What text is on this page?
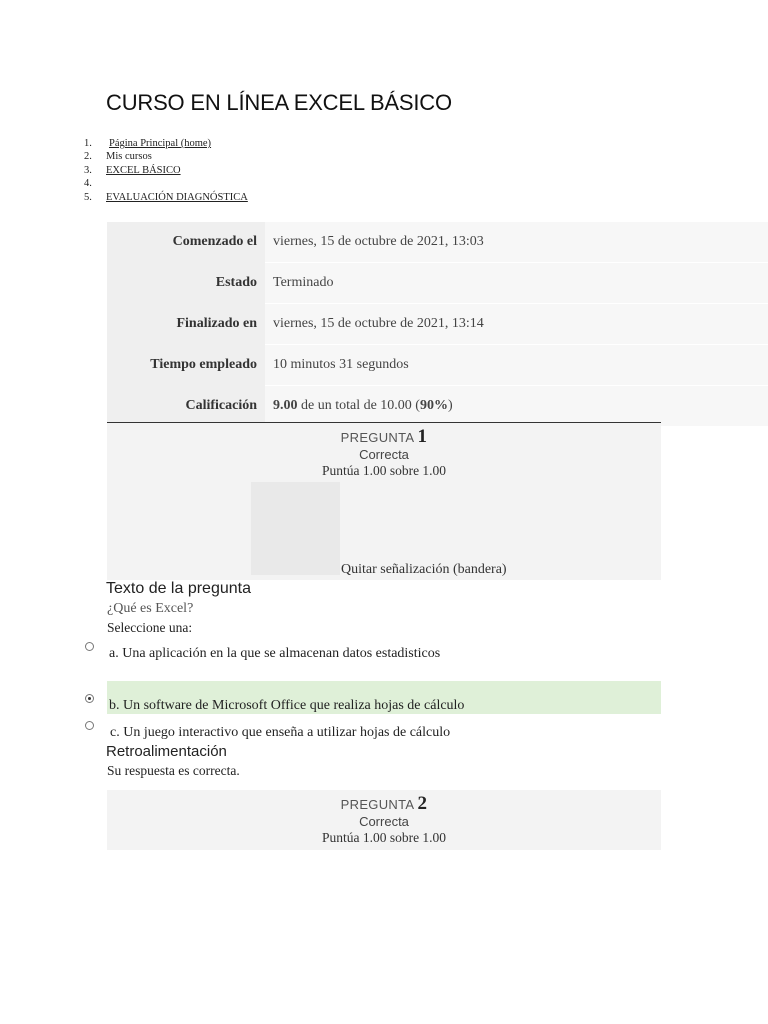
CURSO EN LÍNEA EXCEL BÁSICO
1. Página Principal (home)
2. Mis cursos
3. EXCEL BÁSICO
4.
5. EVALUACIÓN DIAGNÓSTICA
Comenzado el	viernes, 15 de octubre de 2021, 13:03
Estado	Terminado
Finalizado en	viernes, 15 de octubre de 2021, 13:14
Tiempo empleado	10 minutos 31 segundos
Calificación	9.00 de un total de 10.00 (90%)
PREGUNTA 1
Correcta
Puntúa 1.00 sobre 1.00
Quitar señalización (bandera)
Texto de la pregunta
¿Qué es Excel?
Seleccione una:
a. Una aplicación en la que se almacenan datos estadisticos
b. Un software de Microsoft Office que realiza hojas de cálculo
c. Un juego interactivo que enseña a utilizar hojas de cálculo
Retroalimentación
Su respuesta es correcta.
PREGUNTA 2
Correcta
Puntúa 1.00 sobre 1.00
